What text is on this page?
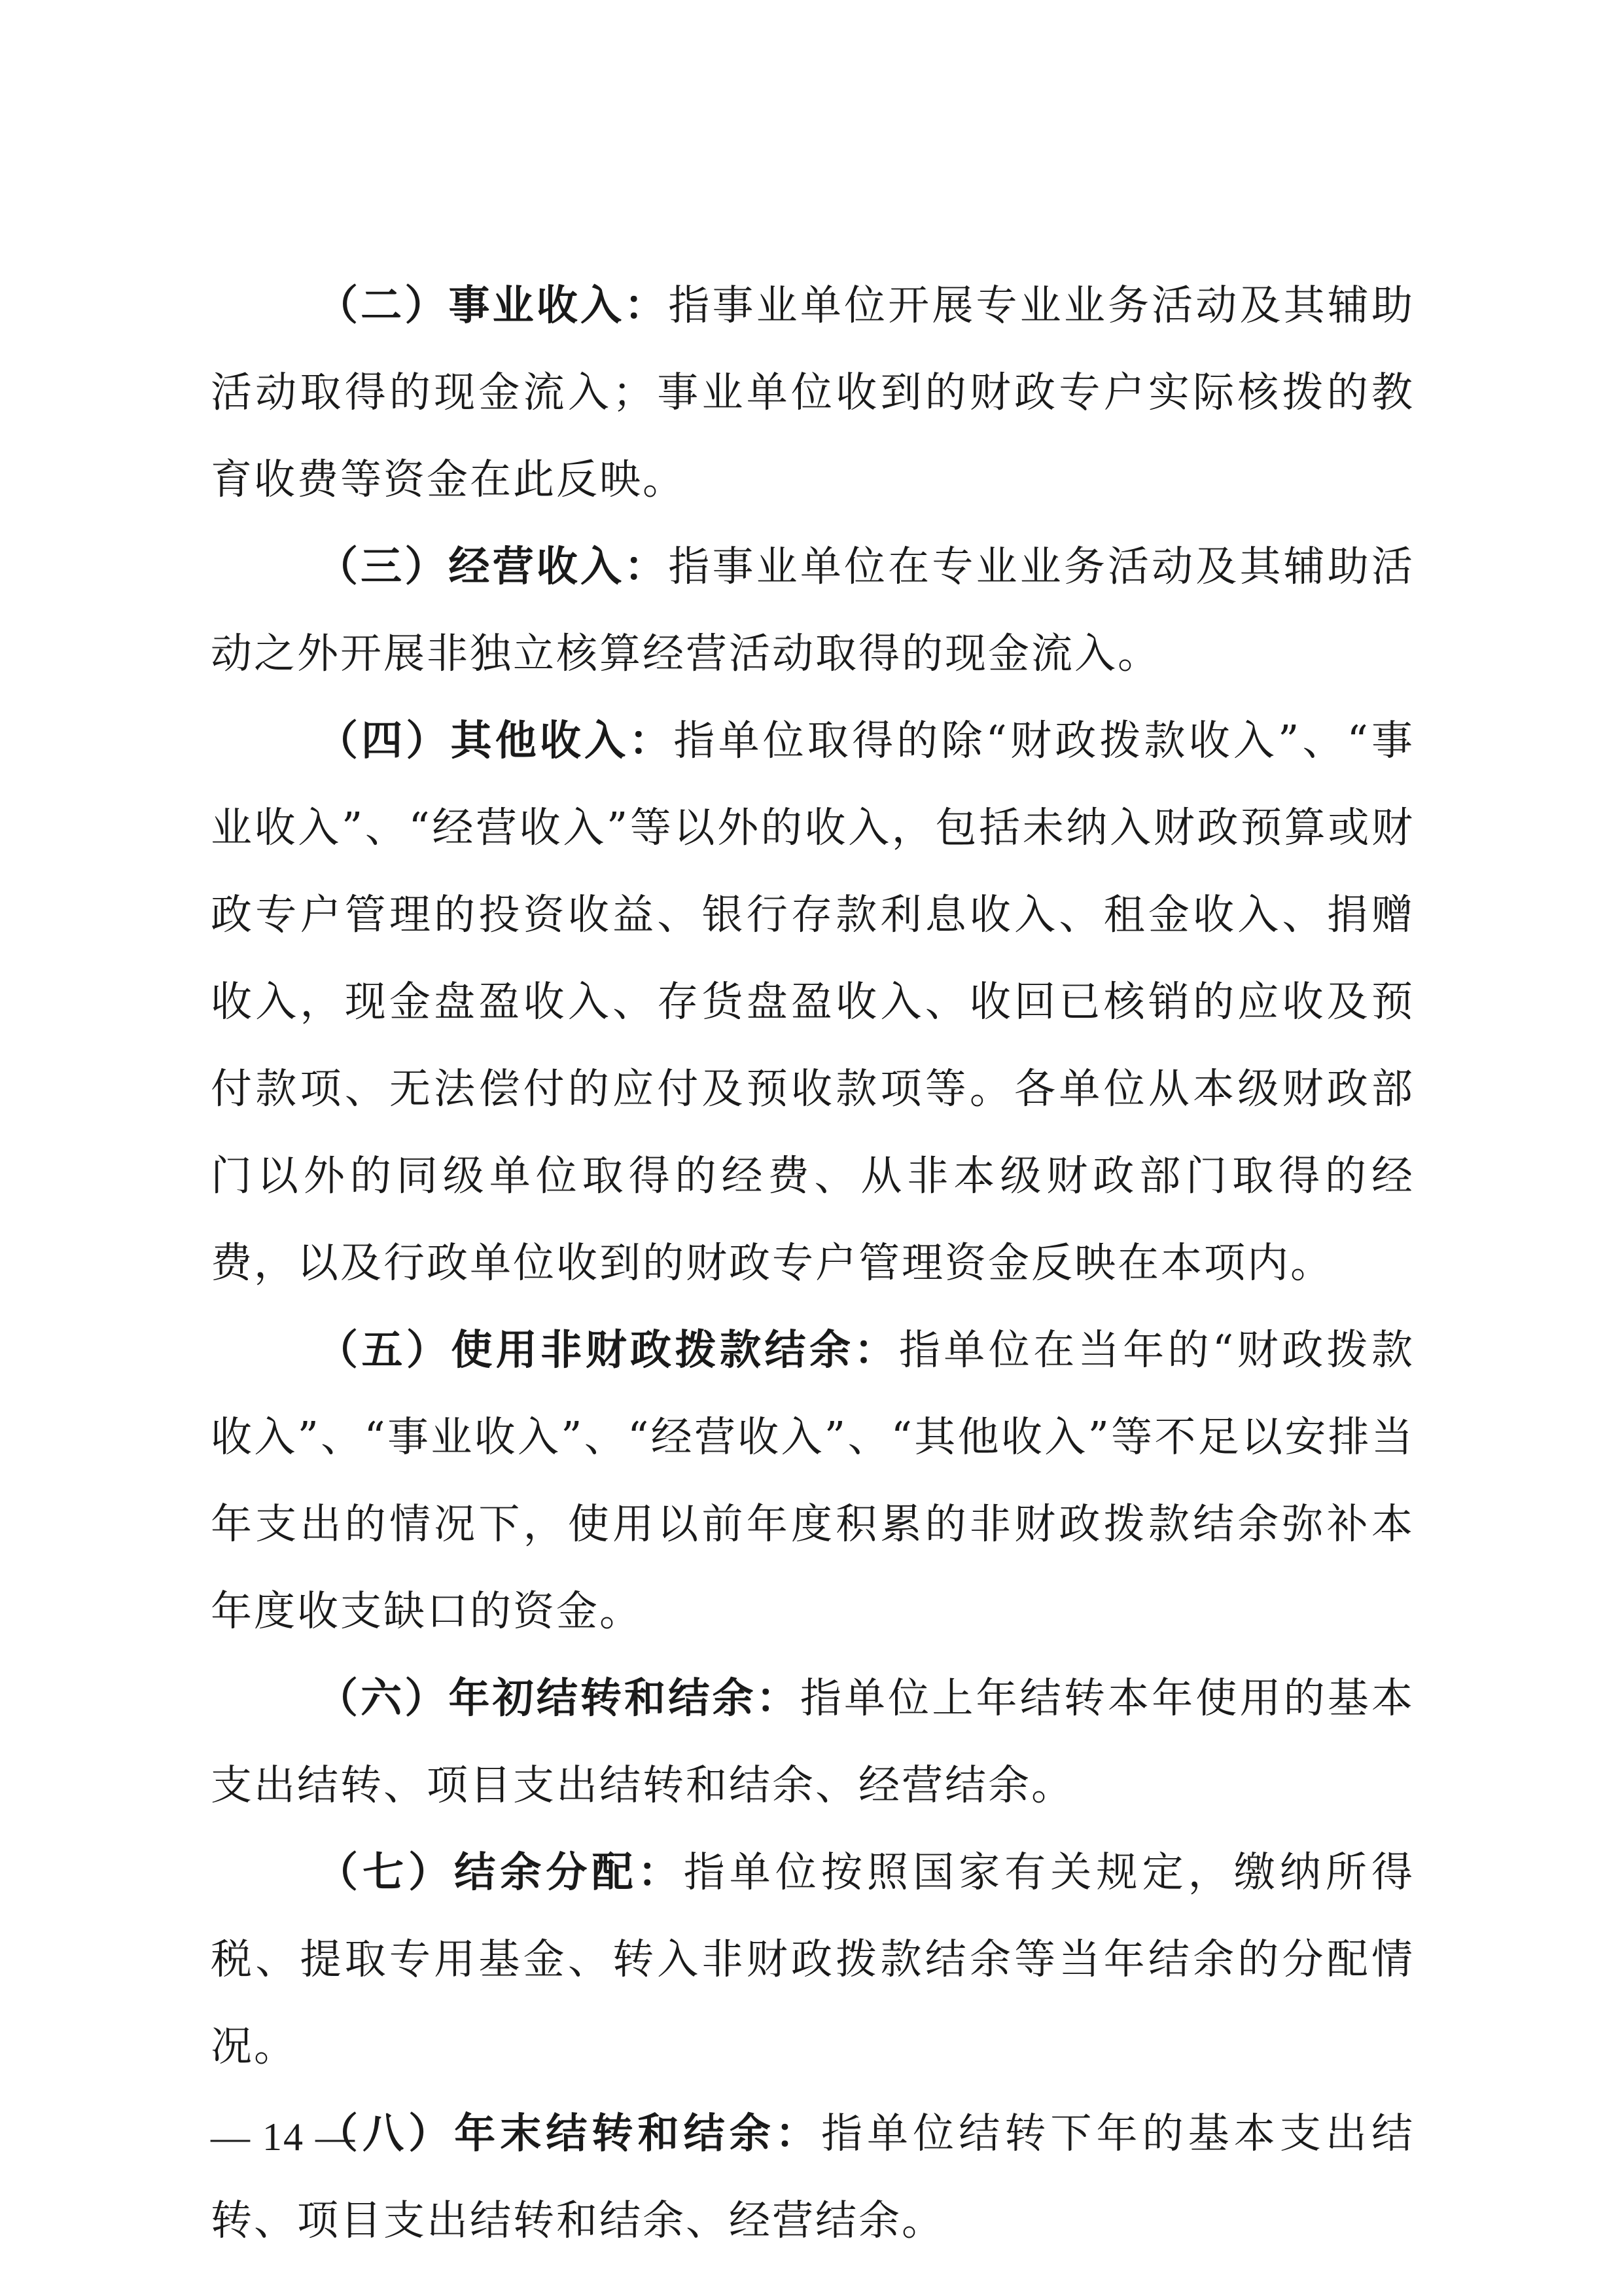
（二）事业收入：指事业单位开展专业业务活动及其辅助活动取得的现金流入；事业单位收到的财政专户实际核拨的教育收费等资金在此反映。

（三）经营收入：指事业单位在专业业务活动及其辅助活动之外开展非独立核算经营活动取得的现金流入。

（四）其他收入：指单位取得的除“财政拨款收入”、“事业收入”、“经营收入”等以外的收入，包括未纳入财政预算或财政专户管理的投资收益、银行存款利息收入、租金收入、捐赠收入，现金盘盈收入、存货盘盈收入、收回已核销的应收及预付款项、无法偿付的应付及预收款项等。各单位从本级财政部门以外的同级单位取得的经费、从非本级财政部门取得的经费，以及行政单位收到的财政专户管理资金反映在本项内。

（五）使用非财政拨款结余：指单位在当年的“财政拨款收入”、“事业收入”、“经营收入”、“其他收入”等不足以安排当年支出的情况下，使用以前年度积累的非财政拨款结余弥补本年度收支缺口的资金。

（六）年初结转和结余：指单位上年结转本年使用的基本支出结转、项目支出结转和结余、经营结余。

（七）结余分配：指单位按照国家有关规定，缴纳所得税、提取专用基金、转入非财政拨款结余等当年结余的分配情况。

（八）年末结转和结余：指单位结转下年的基本支出结转、项目支出结转和结余、经营结余。

— 14 —
